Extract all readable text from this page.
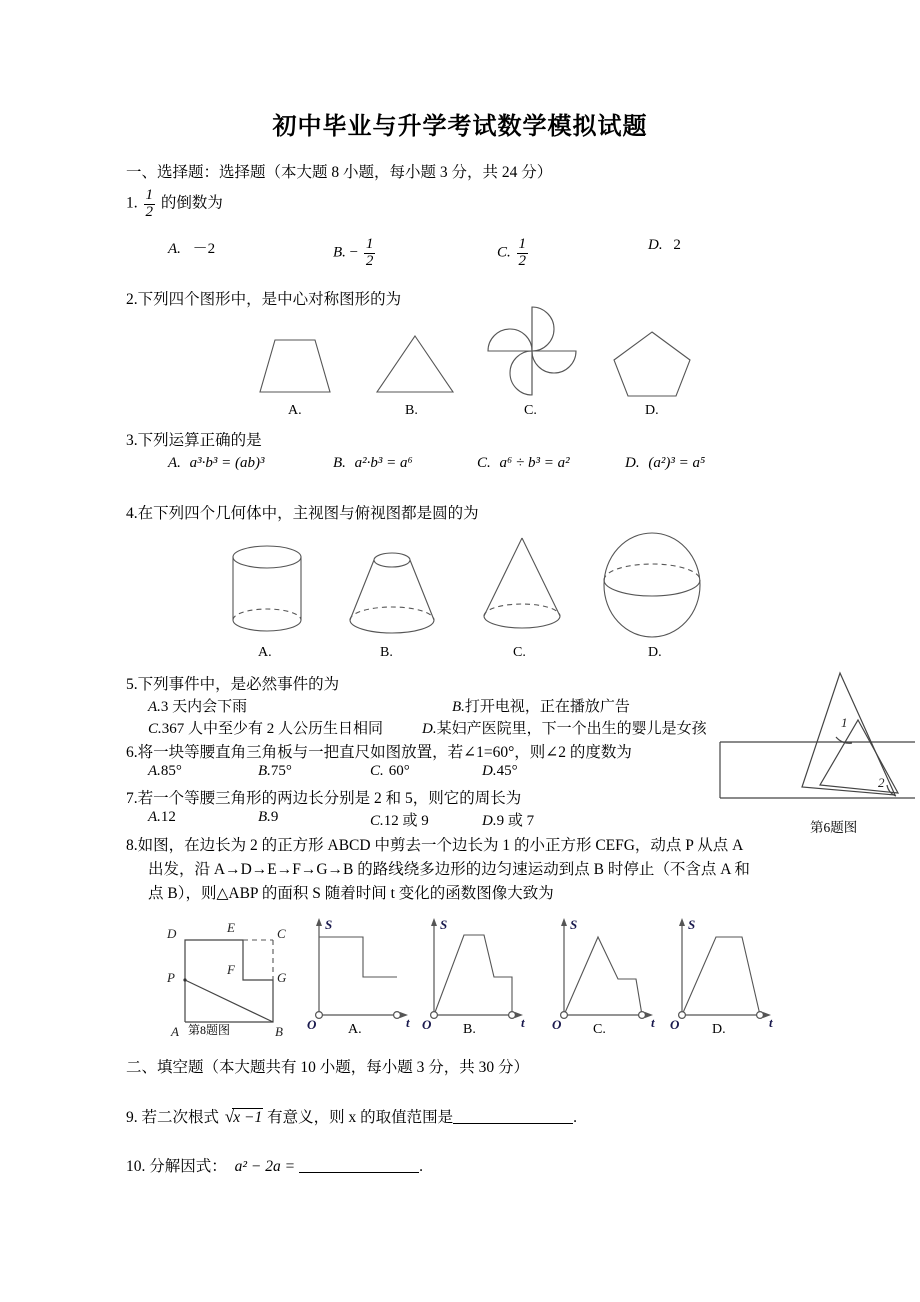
初中毕业与升学考试数学模拟试题
一、选择题：选择题（本大题 8 小题，每小题 3 分，共 24 分）
1. $\frac{1}{2}$ 的倒数为
A. －2	B. − $\frac{1}{2}$	C. $\frac{1}{2}$	D. 2
2.下列四个图形中，是中心对称图形的为
A.	B.	C.	D.
3.下列运算正确的是
A. a³·b³ = (ab)³	B. a²·b³ = a⁶	C. a⁶ ÷ b³ = a²	D. (a²)³ = a⁵
4.在下列四个几何体中，主视图与俯视图都是圆的为
A.	B.	C.	D.
5.下列事件中，是必然事件的为
A.3 天内会下雨	B.打开电视，正在播放广告
C.367 人中至少有 2 人公历生日相同	D.某妇产医院里，下一个出生的婴儿是女孩
6.将一块等腰直角三角板与一把直尺如图放置，若∠1=60°，则∠2 的度数为
A.85°	B.75°	C. 60°	D.45°
1
2
第6题图
7.若一个等腰三角形的两边长分别是 2 和 5，则它的周长为
A.12	B.9	C.12 或 9	D.9 或 7
8.如图，在边长为 2 的正方形 ABCD 中剪去一个边长为 1 的小正方形 CEFG，动点 P 从点 A
出发，沿 A→D→E→F→G→B 的路线绕多边形的边匀速运动到点 B 时停止（不含点 A 和
点 B），则△ABP 的面积 S 随着时间 t 变化的函数图像大致为
D	E	C
F
G
P
A	B
第8题图
S
t
O A.
S
t
O B.
S
t
O C.
S
t
O D.
二、填空题（本大题共有 10 小题，每小题 3 分，共 30 分）
9. 若二次根式 √x −1 有意义，则 x 的取值范围是	.
10. 分解因式： a² − 2a =	.
